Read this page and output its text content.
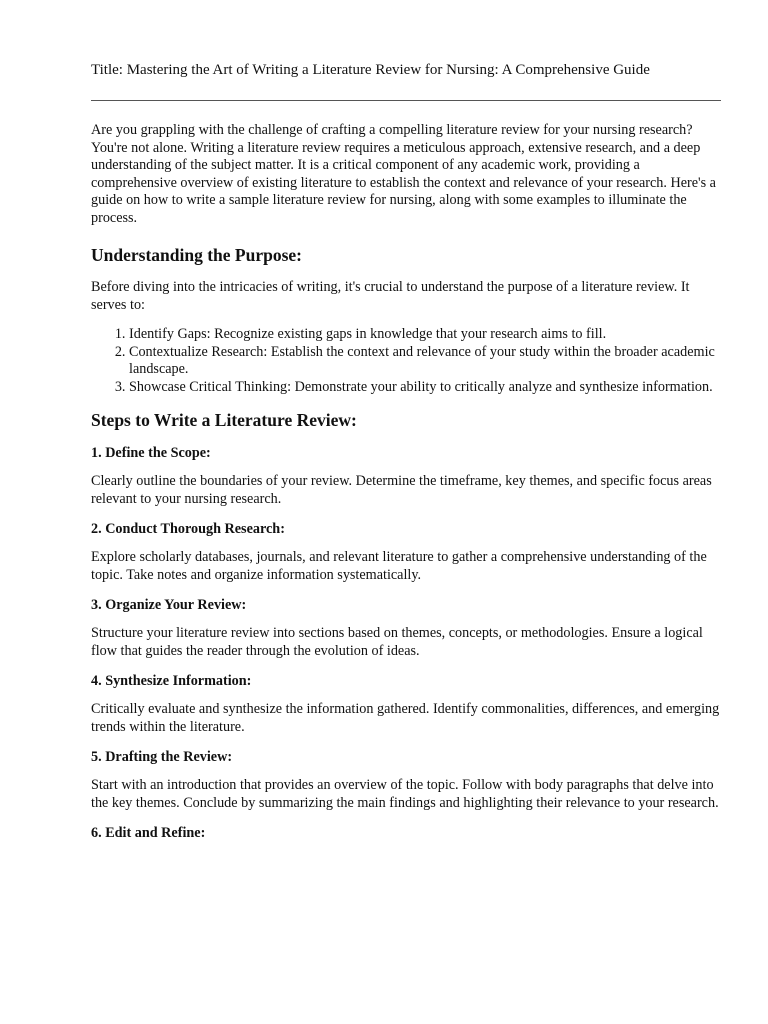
Title: Mastering the Art of Writing a Literature Review for Nursing: A Comprehensive Guide

Are you grappling with the challenge of crafting a compelling literature review for your nursing research? You're not alone. Writing a literature review requires a meticulous approach, extensive research, and a deep understanding of the subject matter. It is a critical component of any academic work, providing a comprehensive overview of existing literature to establish the context and relevance of your research. Here's a guide on how to write a sample literature review for nursing, along with some examples to illuminate the process.

Understanding the Purpose:

Before diving into the intricacies of writing, it's crucial to understand the purpose of a literature review. It serves to:

1. Identify Gaps: Recognize existing gaps in knowledge that your research aims to fill.
2. Contextualize Research: Establish the context and relevance of your study within the broader academic landscape.
3. Showcase Critical Thinking: Demonstrate your ability to critically analyze and synthesize information.
Steps to Write a Literature Review:
1. Define the Scope:

Clearly outline the boundaries of your review. Determine the timeframe, key themes, and specific focus areas relevant to your nursing research.

2. Conduct Thorough Research:

Explore scholarly databases, journals, and relevant literature to gather a comprehensive understanding of the topic. Take notes and organize information systematically.

3. Organize Your Review:

Structure your literature review into sections based on themes, concepts, or methodologies. Ensure a logical flow that guides the reader through the evolution of ideas.

4. Synthesize Information:

Critically evaluate and synthesize the information gathered. Identify commonalities, differences, and emerging trends within the literature.

5. Drafting the Review:

Start with an introduction that provides an overview of the topic. Follow with body paragraphs that delve into the key themes. Conclude by summarizing the main findings and highlighting their relevance to your research.

6. Edit and Refine:
